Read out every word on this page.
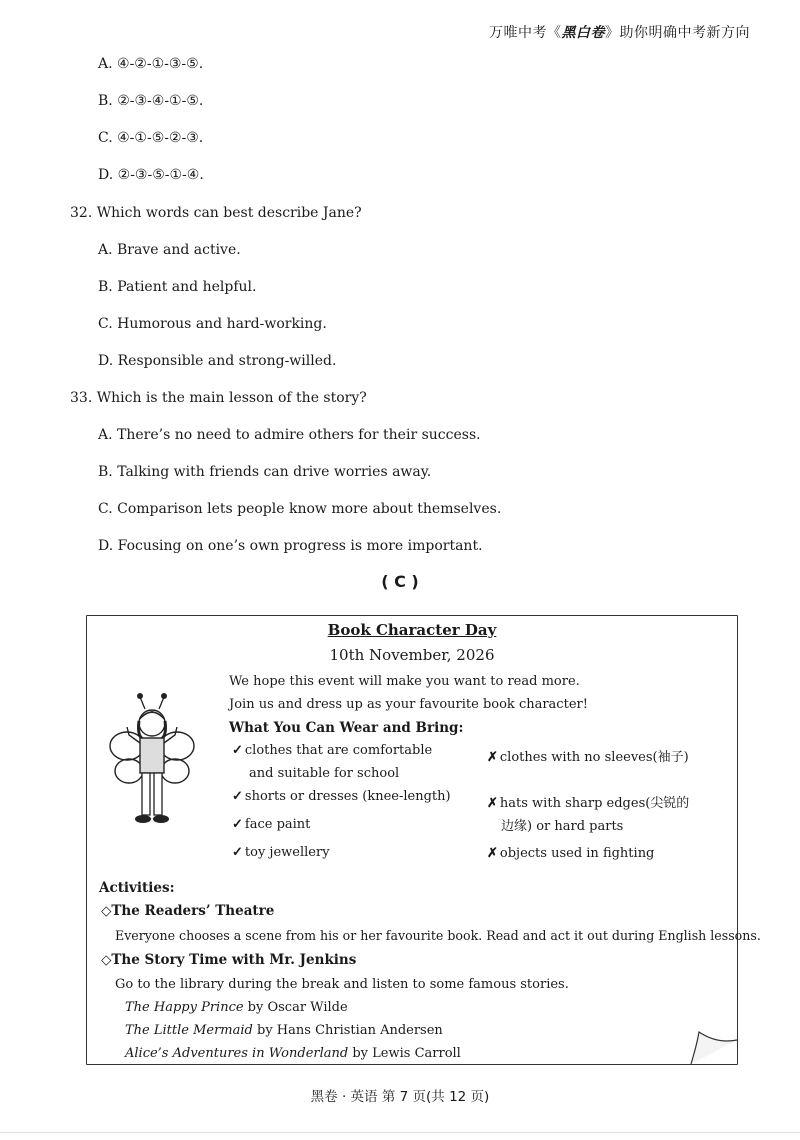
万唯中考《黑白卷》助你明确中考新方向
A. ④-②-①-③-⑤.
B. ②-③-④-①-⑤.
C. ④-①-⑤-②-③.
D. ②-③-⑤-①-④.
32. Which words can best describe Jane?
A. Brave and active.
B. Patient and helpful.
C. Humorous and hard-working.
D. Responsible and strong-willed.
33. Which is the main lesson of the story?
A. There’s no need to admire others for their success.
B. Talking with friends can drive worries away.
C. Comparison lets people know more about themselves.
D. Focusing on one’s own progress is more important.
( C )
Book Character Day
10th November, 2026
We hope this event will make you want to read more.
Join us and dress up as your favourite book character!
What You Can Wear and Bring:
✓ clothes that are comfortable
and suitable for school
✓ shorts or dresses (knee-length)
✓ face paint
✓ toy jewellery
✗ clothes with no sleeves(袖子)
✗ hats with sharp edges(尖锐的
边缘) or hard parts
✗ objects used in fighting
Activities:
◇The Readers’ Theatre
Everyone chooses a scene from his or her favourite book. Read and act it out during English lessons.
◇The Story Time with Mr. Jenkins
Go to the library during the break and listen to some famous stories.
The Happy Prince by Oscar Wilde
The Little Mermaid by Hans Christian Andersen
Alice’s Adventures in Wonderland by Lewis Carroll
黑卷 · 英语 第 7 页(共 12 页)
